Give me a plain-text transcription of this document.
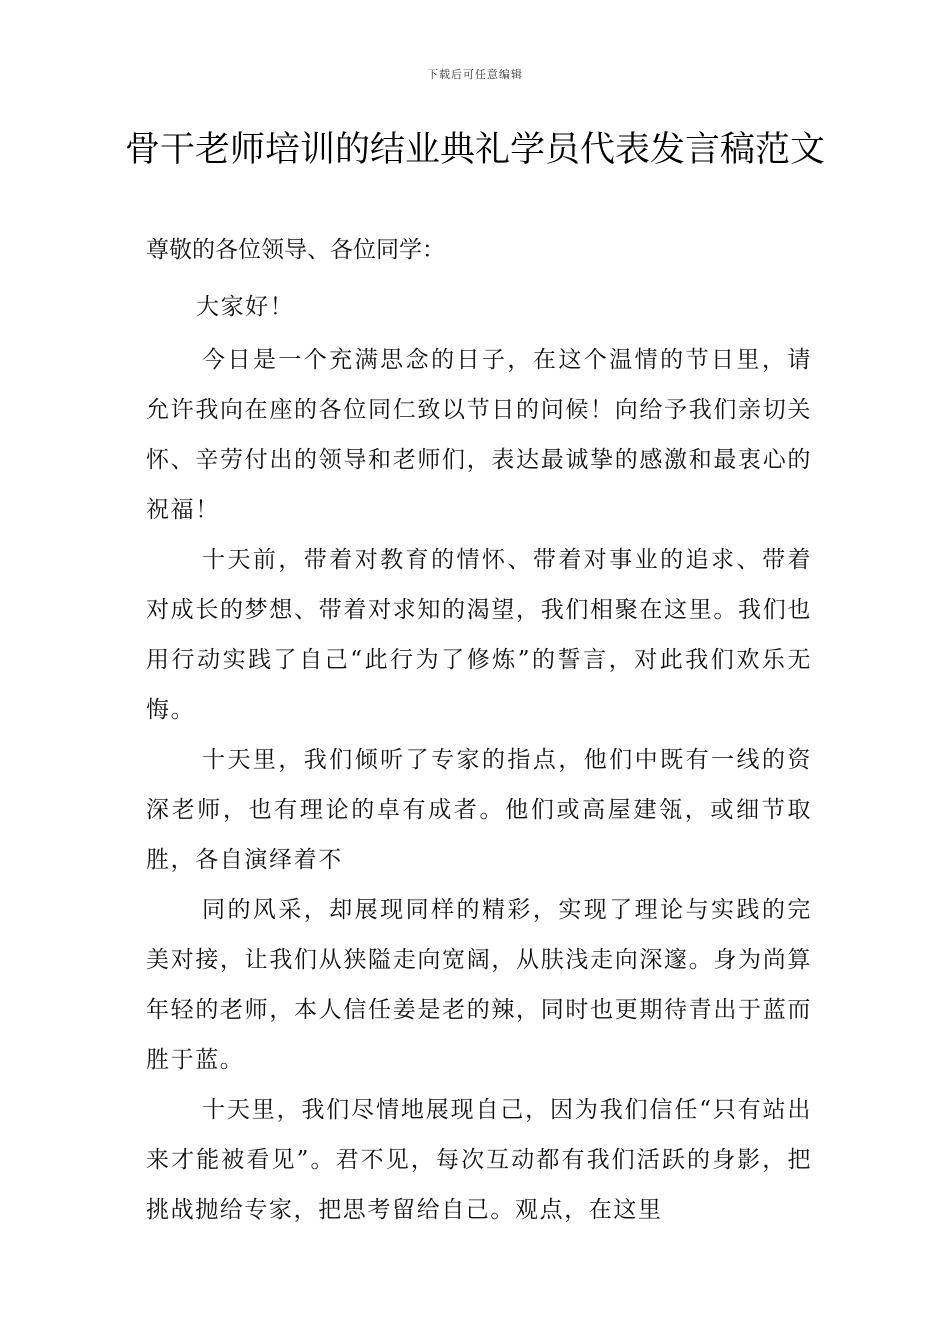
下载后可任意编辑
骨干老师培训的结业典礼学员代表发言稿范文
尊敬的各位领导、各位同学：

大家好！

今日是一个充满思念的日子，在这个温情的节日里，请允许我向在座的各位同仁致以节日的问候！向给予我们亲切关怀、辛劳付出的领导和老师们，表达最诚挚的感激和最衷心的祝福！

十天前，带着对教育的情怀、带着对事业的追求、带着对成长的梦想、带着对求知的渴望，我们相聚在这里。我们也用行动实践了自己“此行为了修炼”的誓言，对此我们欢乐无悔。

十天里，我们倾听了专家的指点，他们中既有一线的资深老师，也有理论的卓有成者。他们或高屋建瓴，或细节取胜，各自演绎着不

同的风采，却展现同样的精彩，实现了理论与实践的完美对接，让我们从狭隘走向宽阔，从肤浅走向深邃。身为尚算年轻的老师，本人信任姜是老的辣，同时也更期待青出于蓝而胜于蓝。

十天里，我们尽情地展现自己，因为我们信任“只有站出来才能被看见”。君不见，每次互动都有我们活跃的身影，把挑战抛给专家，把思考留给自己。观点，在这里
